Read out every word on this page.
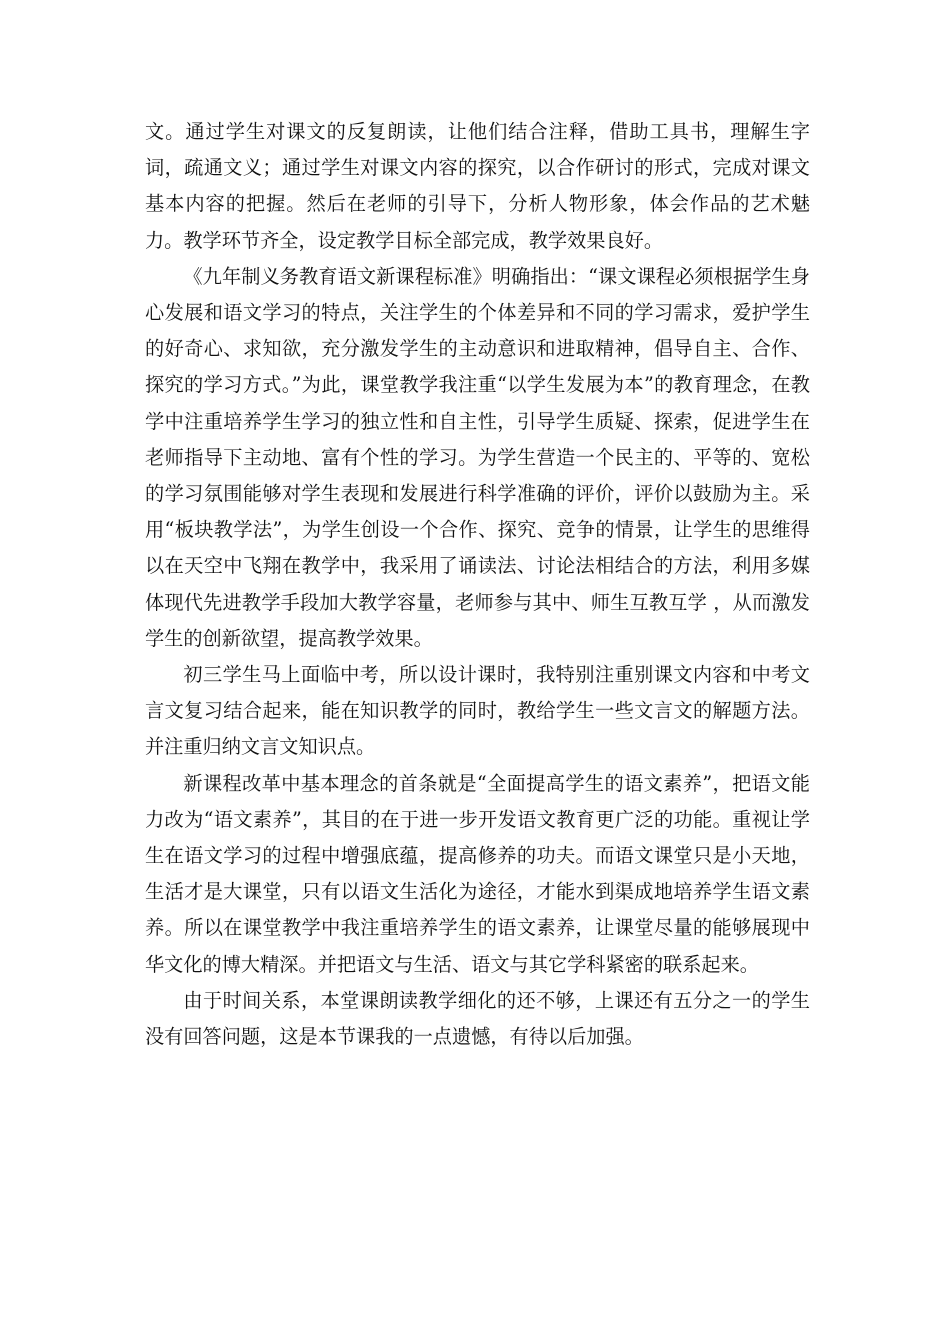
文。通过学生对课文的反复朗读，让他们结合注释，借助工具书，理解生字词，疏通文义；通过学生对课文内容的探究，以合作研讨的形式，完成对课文基本内容的把握。然后在老师的引导下，分析人物形象，体会作品的艺术魅力。教学环节齐全，设定教学目标全部完成，教学效果良好。

《九年制义务教育语文新课程标准》明确指出：“课文课程必须根据学生身心发展和语文学习的特点，关注学生的个体差异和不同的学习需求，爱护学生的好奇心、求知欲，充分激发学生的主动意识和进取精神，倡导自主、合作、探究的学习方式。”为此，课堂教学我注重“以学生发展为本”的教育理念，在教学中注重培养学生学习的独立性和自主性，引导学生质疑、探索，促进学生在老师指导下主动地、富有个性的学习。为学生营造一个民主的、平等的、宽松的学习氛围能够对学生表现和发展进行科学准确的评价，评价以鼓励为主。采用“板块教学法”，为学生创设一个合作、探究、竞争的情景，让学生的思维得以在天空中飞翔在教学中，我采用了诵读法、讨论法相结合的方法，利用多媒体现代先进教学手段加大教学容量，老师参与其中、师生互教互学 ，从而激发学生的创新欲望，提高教学效果。

初三学生马上面临中考，所以设计课时，我特别注重别课文内容和中考文言文复习结合起来，能在知识教学的同时，教给学生一些文言文的解题方法。并注重归纳文言文知识点。

新课程改革中基本理念的首条就是“全面提高学生的语文素养”，把语文能力改为“语文素养”，其目的在于进一步开发语文教育更广泛的功能。重视让学生在语文学习的过程中增强底蕴，提高修养的功夫。而语文课堂只是小天地，生活才是大课堂，只有以语文生活化为途径，才能水到渠成地培养学生语文素养。所以在课堂教学中我注重培养学生的语文素养，让课堂尽量的能够展现中华文化的博大精深。并把语文与生活、语文与其它学科紧密的联系起来。

由于时间关系，本堂课朗读教学细化的还不够，上课还有五分之一的学生没有回答问题，这是本节课我的一点遗憾，有待以后加强。
